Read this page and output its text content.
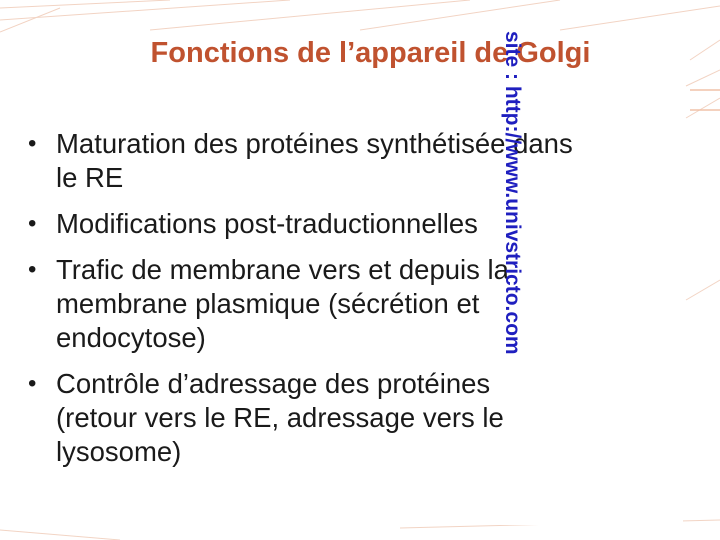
Fonctions de l’appareil de Golgi
• Maturation des protéines synthétisée dans
le RE
• Modifications post-traductionnelles
• Trafic de membrane vers et depuis la
membrane plasmique (sécrétion et
endocytose)
• Contrôle d’adressage des protéines
(retour vers le RE, adressage vers le
lysosome)
site : http://www.univstricto.com
